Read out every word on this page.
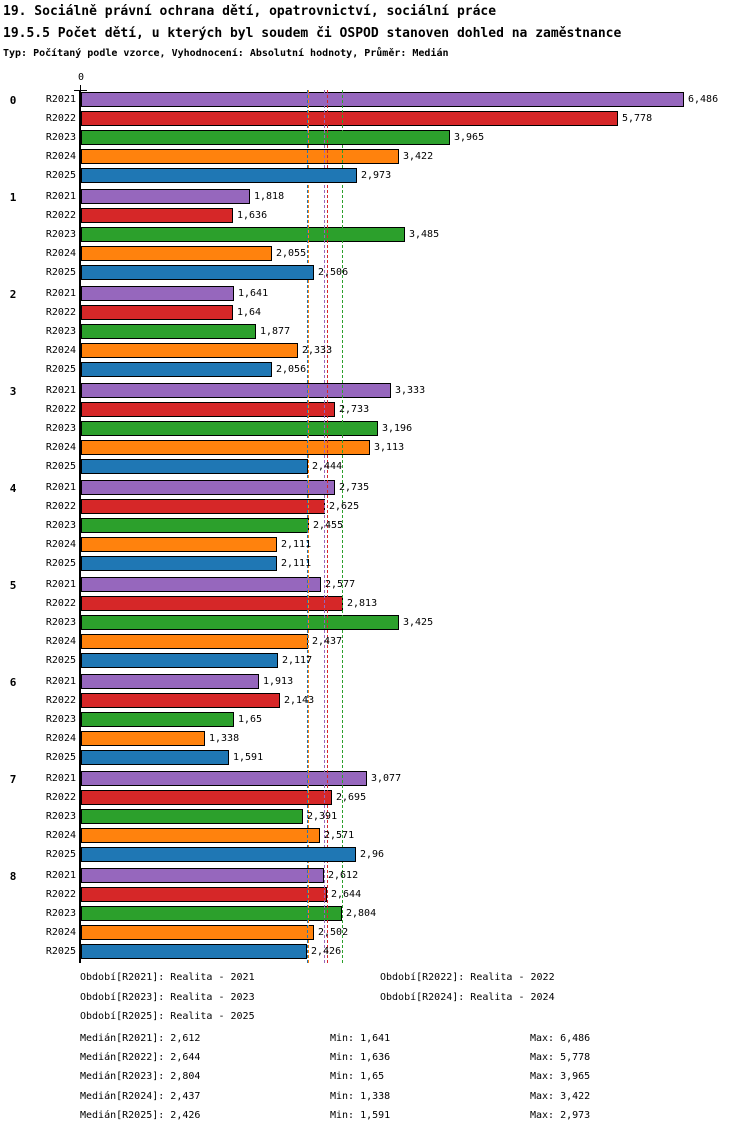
19. Sociálně právní ochrana dětí, opatrovnictví, sociální práce
19.5.5 Počet dětí, u kterých byl soudem či OSPOD stanoven dohled na zaměstnance
Typ: Počítaný podle vzorce, Vyhodnocení: Absolutní hodnoty, Průměr: Medián
0
0	R2021	6,486
R2022	5,778
R2023	3,965
R2024	3,422
R2025	2,973
1	R2021	1,818
R2022	1,636
R2023	3,485
R2024	2,055
R2025	2,506
2	R2021	1,641
R2022	1,64
R2023	1,877
R2024	2,333
R2025	2,056
3	R2021	3,333
R2022	2,733
R2023	3,196
R2024	3,113
R2025	2,444
4	R2021	2,735
R2022	2,625
R2023	2,455
R2024	2,111
R2025	2,111
5	R2021	2,577
R2022	2,813
R2023	3,425
R2024	2,437
R2025	2,117
6	R2021	1,913
R2022	2,143
R2023	1,65
R2024	1,338
R2025	1,591
7	R2021	3,077
R2022	2,695
R2023	2,391
R2024	2,571
R2025	2,96
8	R2021	2,612
R2022	2,644
R2023	2,804
R2024	2,502
R2025	2,426
Období[R2021]: Realita - 2021	Období[R2022]: Realita - 2022
Období[R2023]: Realita - 2023	Období[R2024]: Realita - 2024
Období[R2025]: Realita - 2025
Medián[R2021]: 2,612	Min: 1,641	Max: 6,486
Medián[R2022]: 2,644	Min: 1,636	Max: 5,778
Medián[R2023]: 2,804	Min: 1,65	Max: 3,965
Medián[R2024]: 2,437	Min: 1,338	Max: 3,422
Medián[R2025]: 2,426	Min: 1,591	Max: 2,973
